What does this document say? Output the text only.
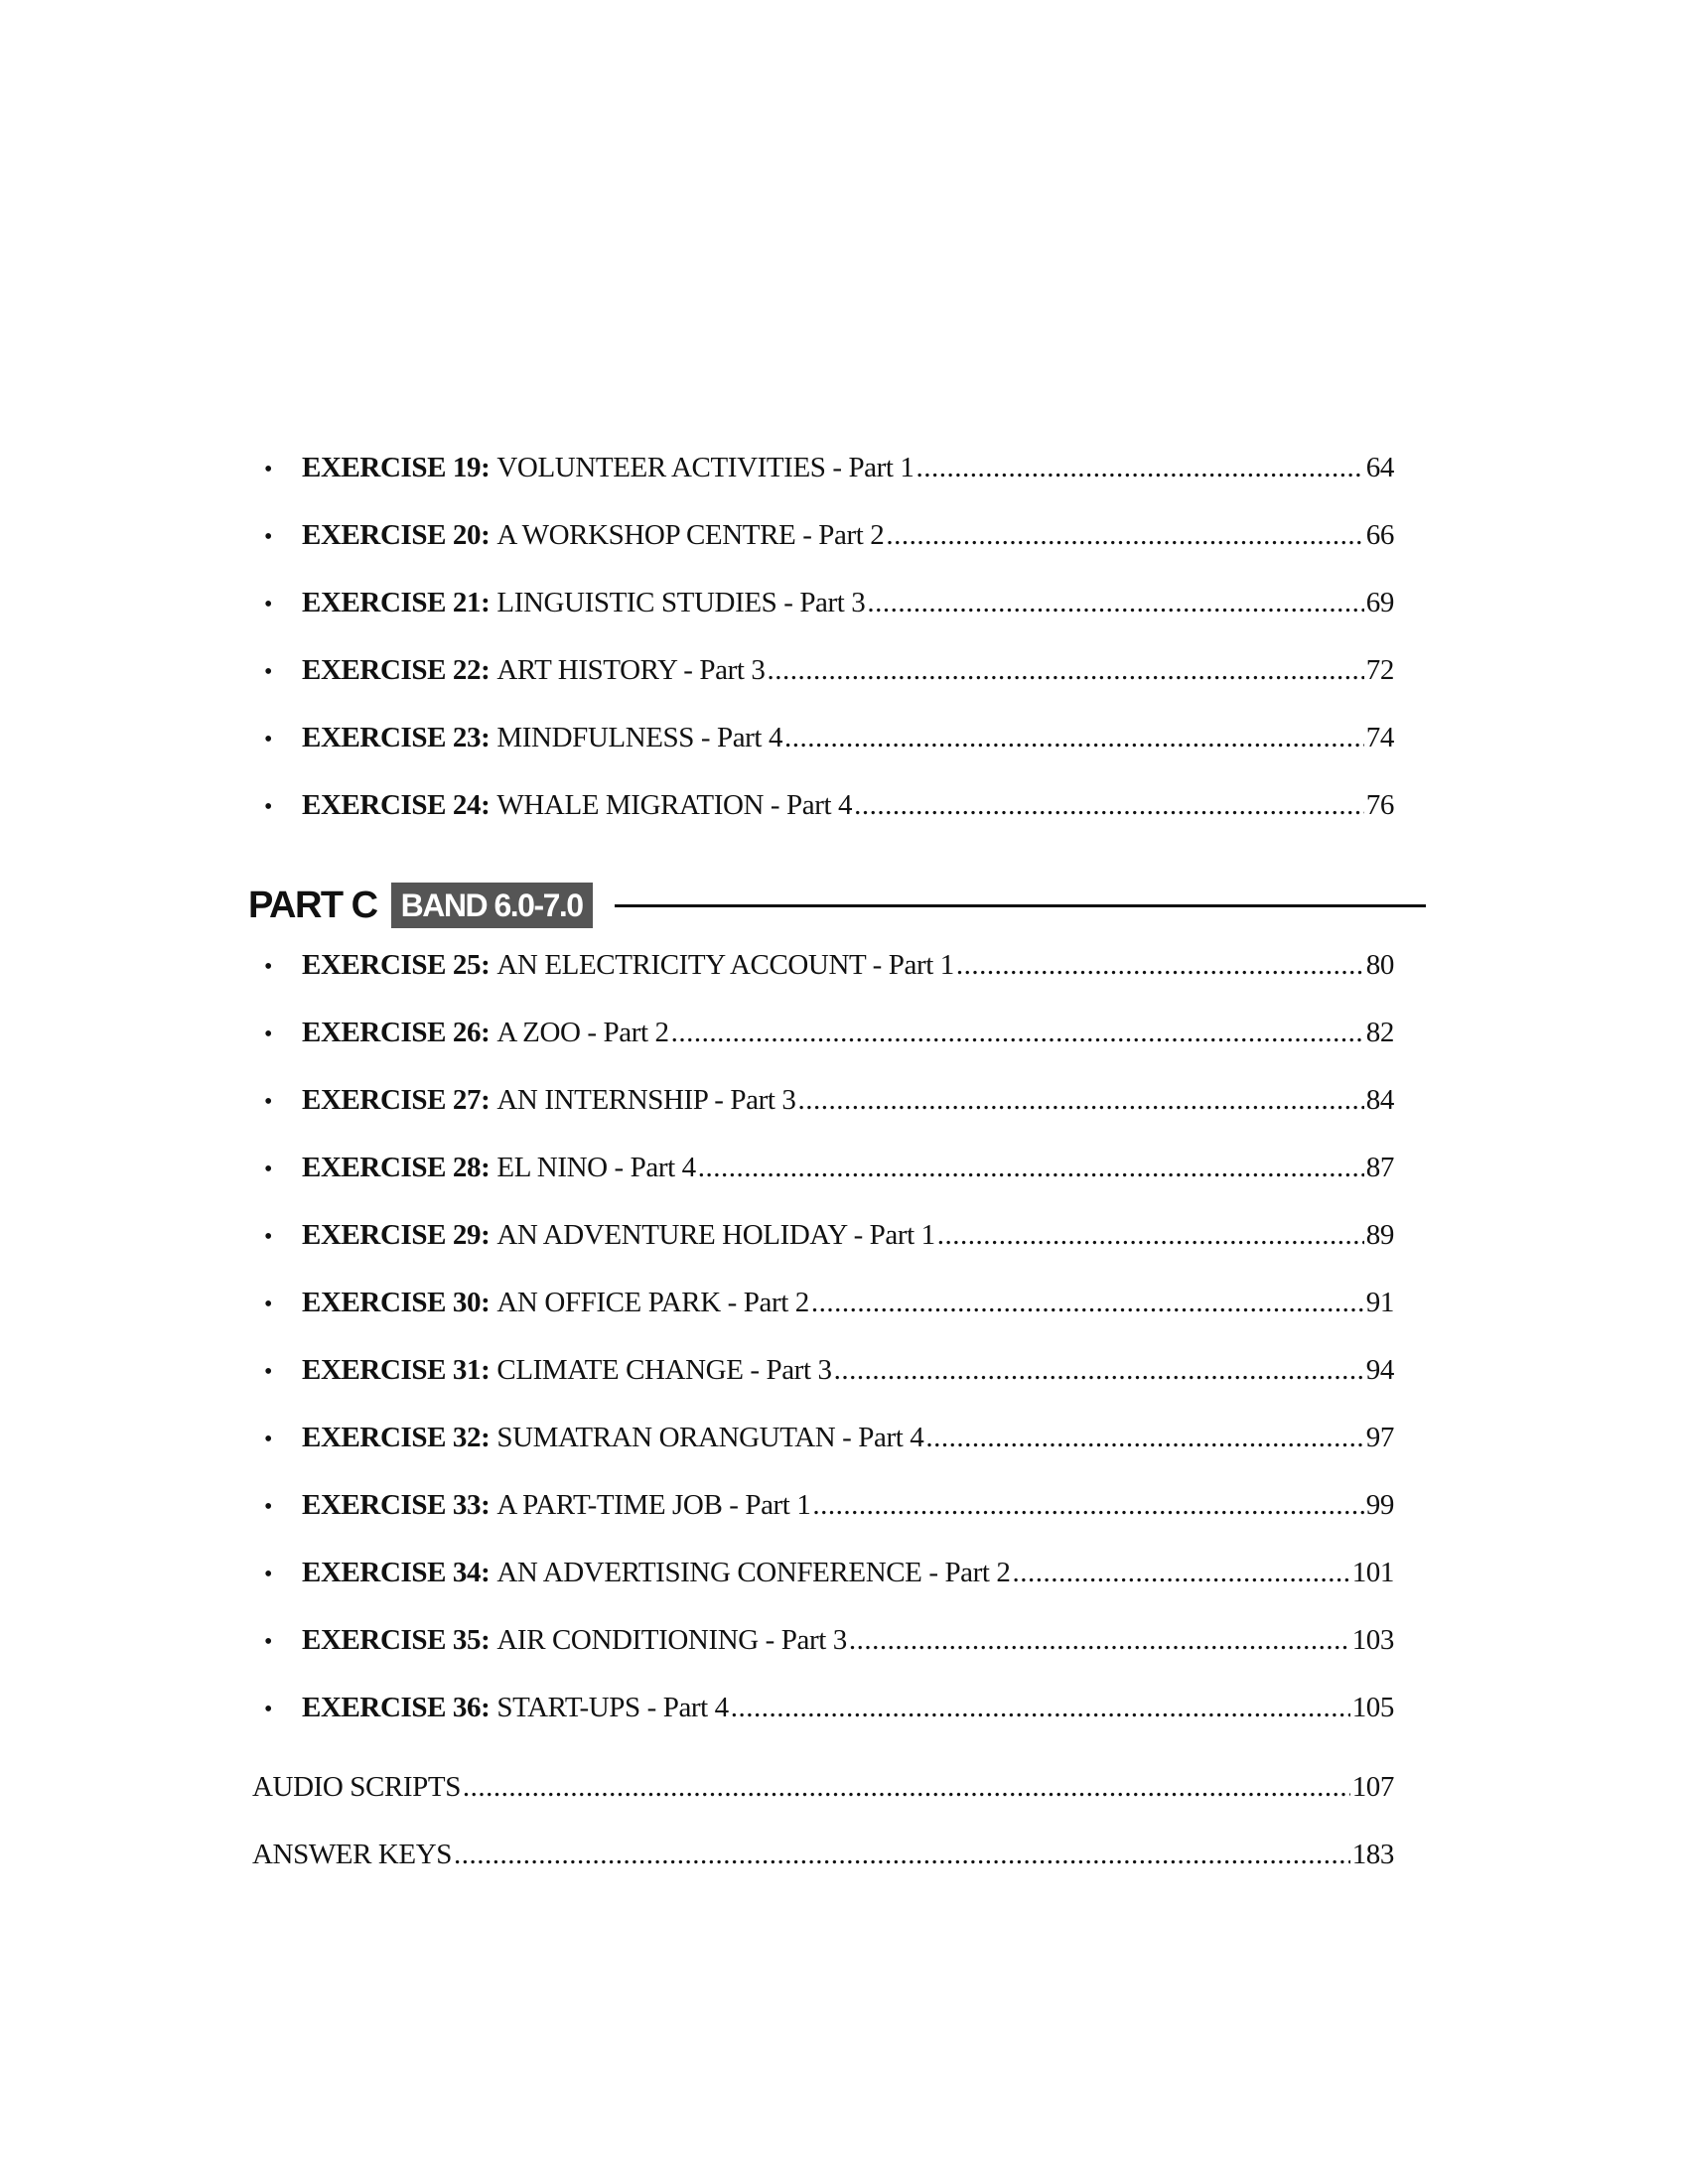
•	EXERCISE 19: VOLUNTEER ACTIVITIES - Part 1 .....	64
•	EXERCISE 20: A WORKSHOP CENTRE - Part 2 .....	66
•	EXERCISE 21: LINGUISTIC STUDIES - Part 3 .....	69
•	EXERCISE 22: ART HISTORY - Part 3 .....	72
•	EXERCISE 23: MINDFULNESS - Part 4 .....	74
•	EXERCISE 24: WHALE MIGRATION - Part 4 .....	76
PART C BAND 6.0-7.0
•	EXERCISE 25: AN ELECTRICITY ACCOUNT - Part 1 .....	80
•	EXERCISE 26: A ZOO - Part 2 .....	82
•	EXERCISE 27: AN INTERNSHIP - Part 3 .....	84
•	EXERCISE 28: EL NINO - Part 4 .....	87
•	EXERCISE 29: AN ADVENTURE HOLIDAY - Part 1 .....	89
•	EXERCISE 30: AN OFFICE PARK - Part 2 .....	91
•	EXERCISE 31: CLIMATE CHANGE - Part 3 .....	94
•	EXERCISE 32: SUMATRAN ORANGUTAN - Part 4 .....	97
•	EXERCISE 33: A PART-TIME JOB - Part 1 .....	99
•	EXERCISE 34: AN ADVERTISING CONFERENCE - Part 2 .....	101
•	EXERCISE 35: AIR CONDITIONING - Part 3 .....	103
•	EXERCISE 36: START-UPS - Part 4 .....	105
AUDIO SCRIPTS .....	107
ANSWER KEYS .....	183
